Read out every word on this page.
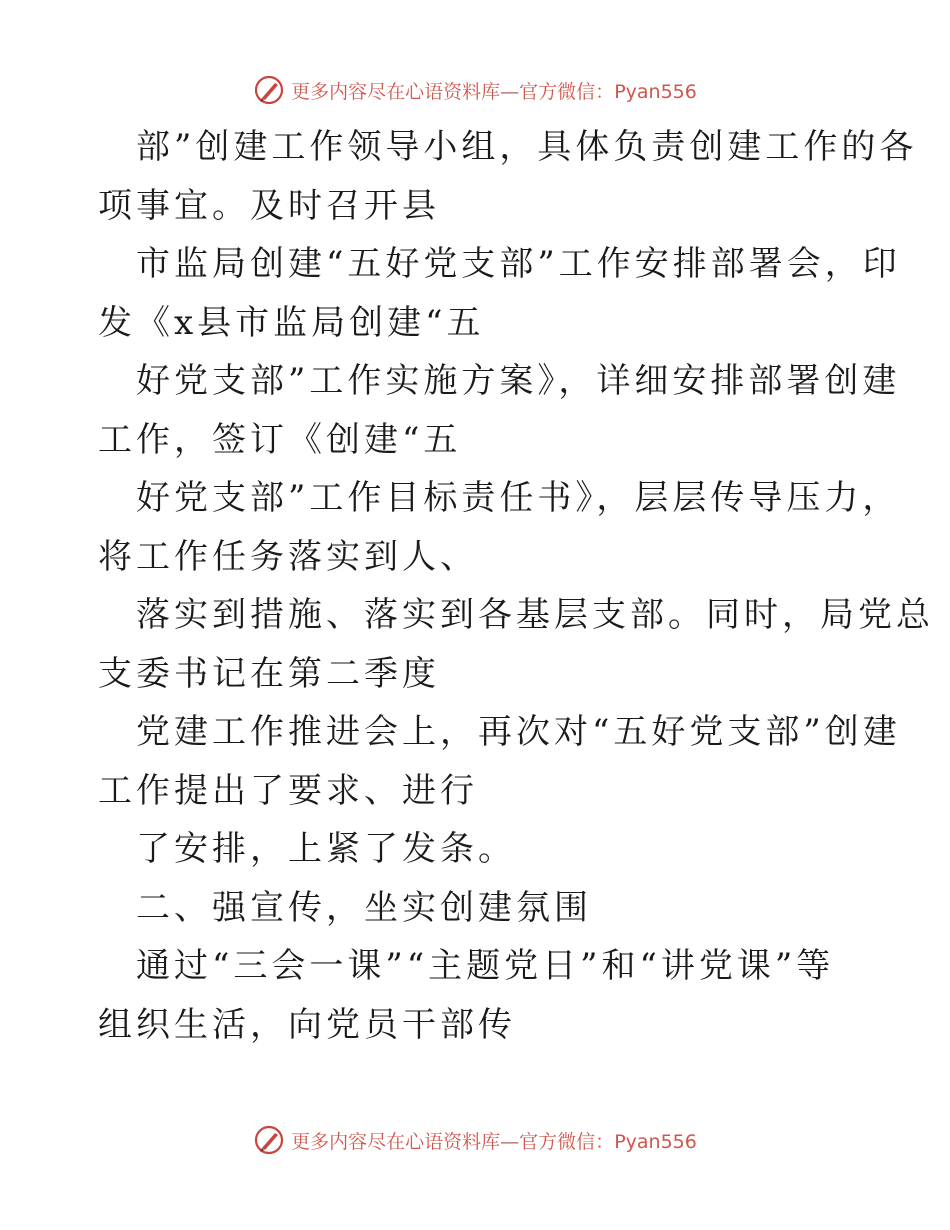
更多内容尽在心语资料库—官方微信：Pyan556
部”创建工作领导小组，具体负责创建工作的各
项事宜。及时召开县
市监局创建“五好党支部”工作安排部署会，印
发《x县市监局创建“五
好党支部”工作实施方案》，详细安排部署创建
工作，签订《创建“五
好党支部”工作目标责任书》，层层传导压力，
将工作任务落实到人、
落实到措施、落实到各基层支部。同时，局党总
支委书记在第二季度
党建工作推进会上，再次对“五好党支部”创建
工作提出了要求、进行
了安排，上紧了发条。
二、强宣传，坐实创建氛围
通过“三会一课”“主题党日”和“讲党课”等
组织生活，向党员干部传
更多内容尽在心语资料库—官方微信：Pyan556
